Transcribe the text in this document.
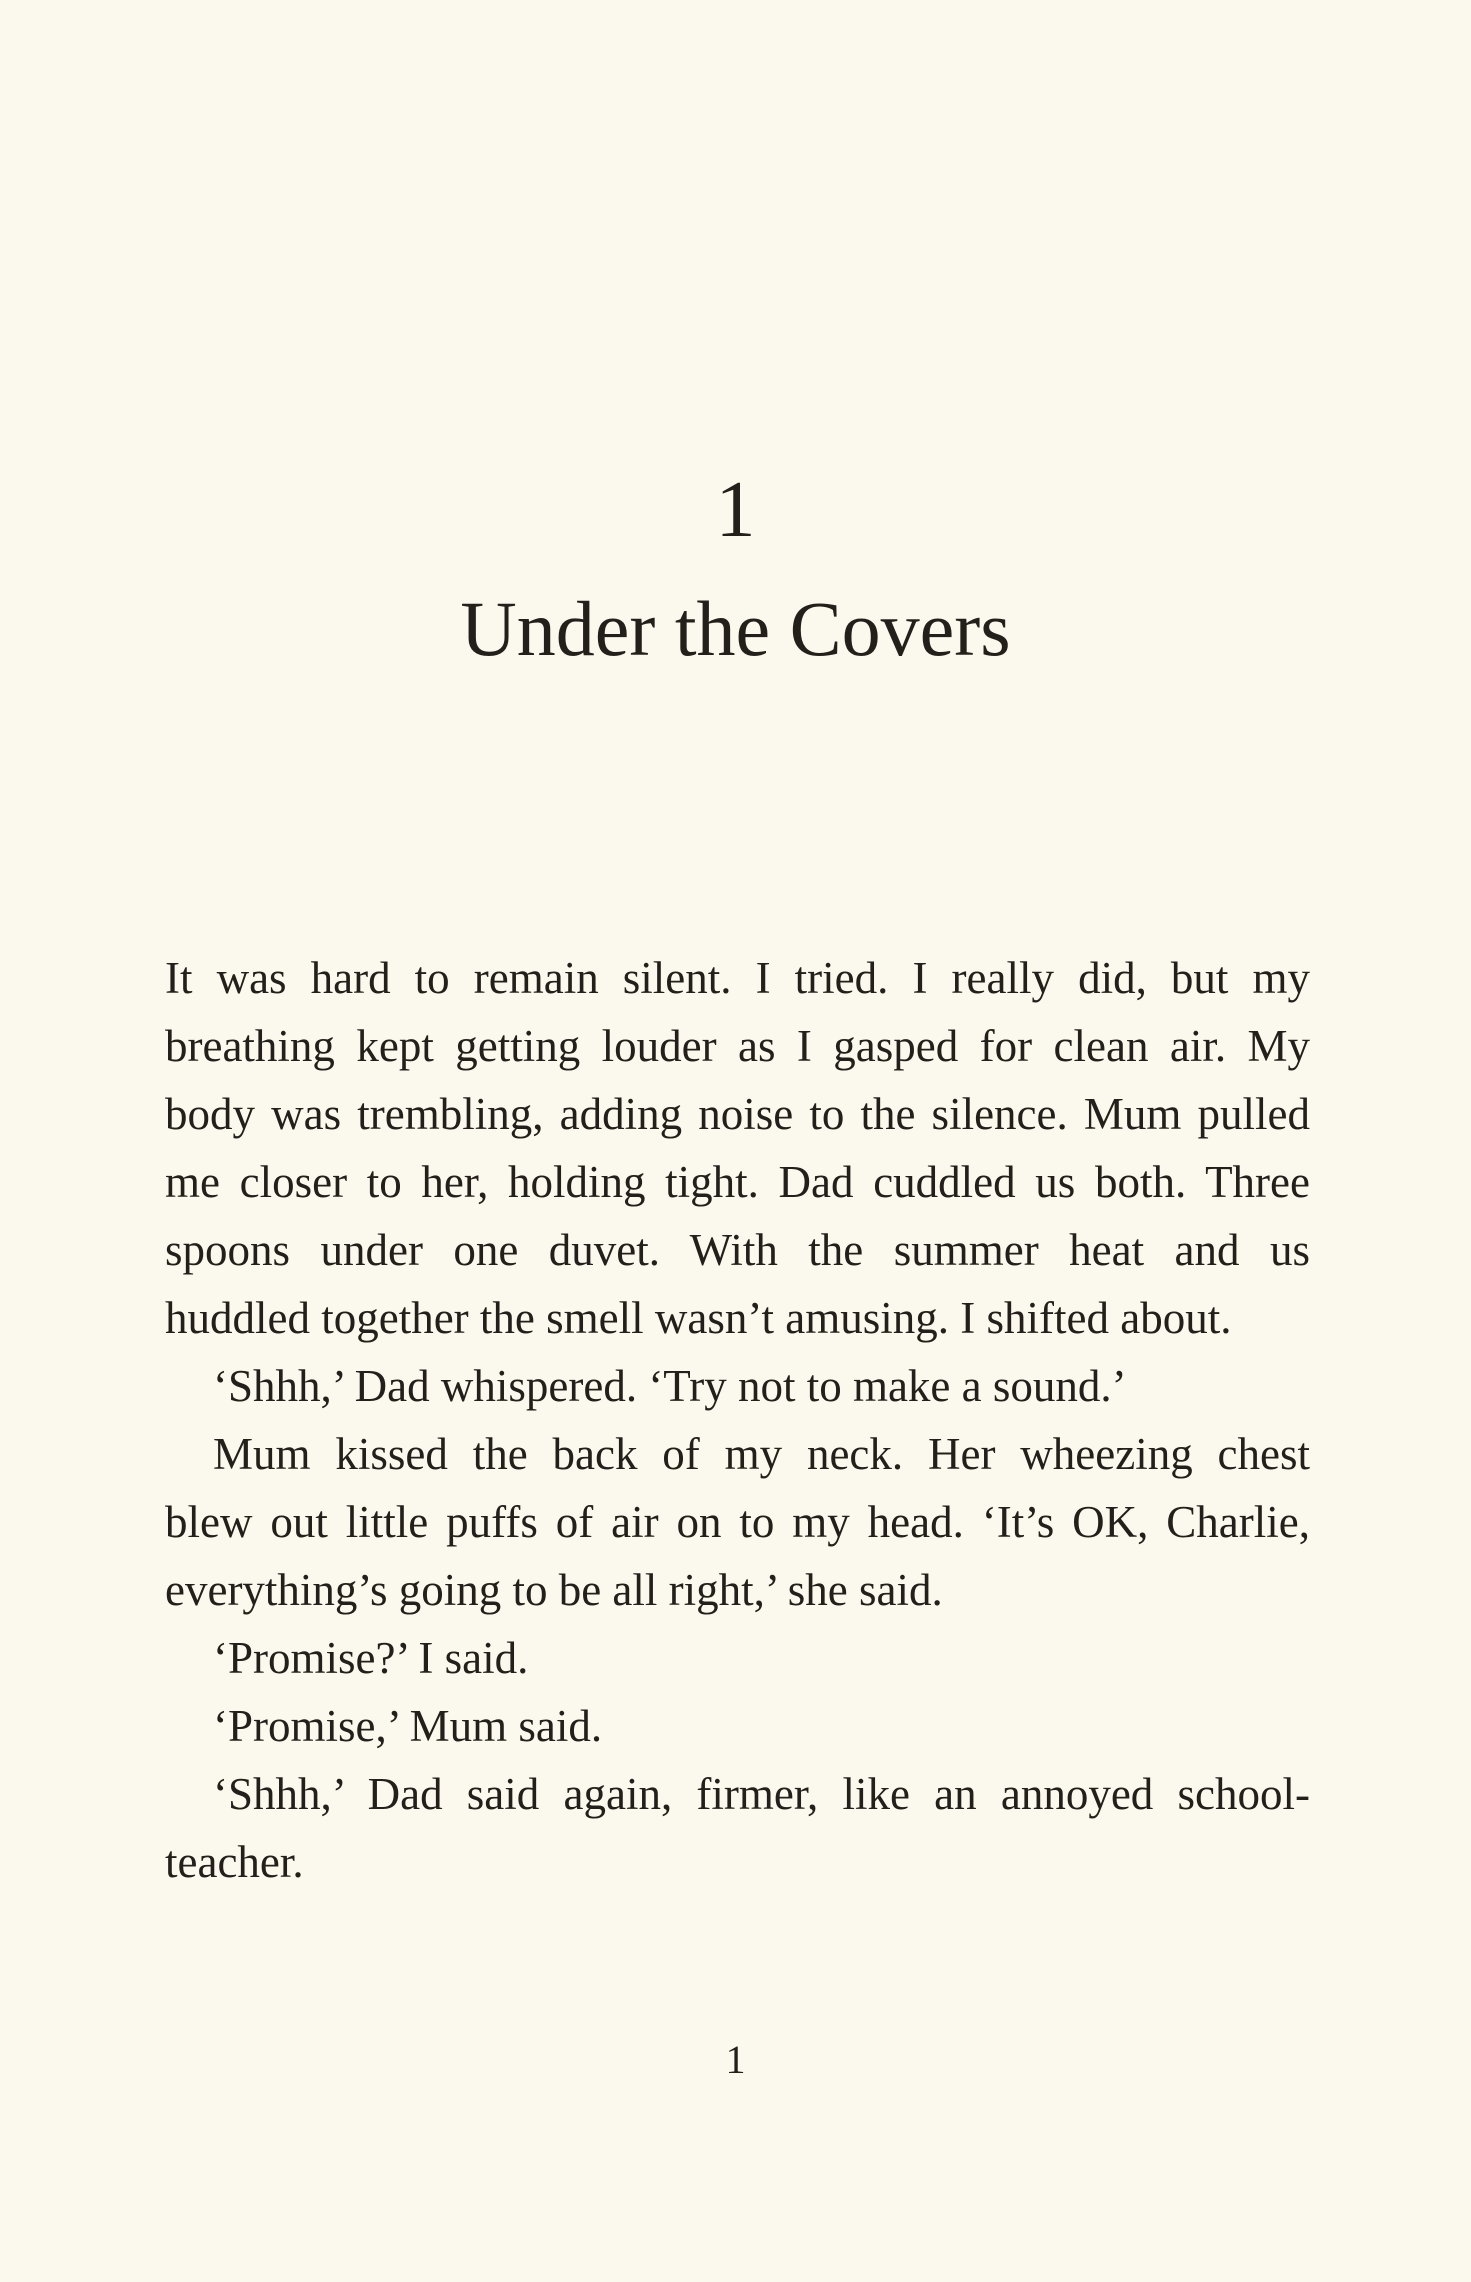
1
Under the Covers

It was hard to remain silent. I tried. I really did, but my
breathing kept getting louder as I gasped for clean air. My
body was trembling, adding noise to the silence. Mum pulled
me closer to her, holding tight. Dad cuddled us both. Three
spoons under one duvet. With the summer heat and us
huddled together the smell wasn’t amusing. I shifted about.

‘Shhh,’ Dad whispered. ‘Try not to make a sound.’

Mum kissed the back of my neck. Her wheezing chest
blew out little puffs of air on to my head. ‘It’s OK, Charlie,
everything’s going to be all right,’ she said.

‘Promise?’ I said.

‘Promise,’ Mum said.

‘Shhh,’ Dad said again, firmer, like an annoyed school-
teacher.

1
